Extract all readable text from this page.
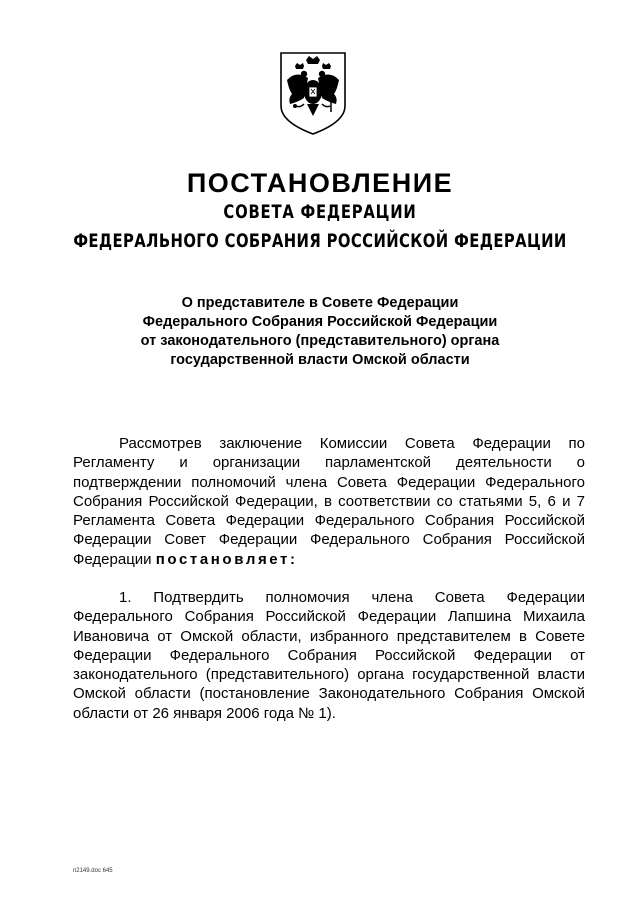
ПОСТАНОВЛЕНИЕ
СОВЕТА ФЕДЕРАЦИИ
ФЕДЕРАЛЬНОГО СОБРАНИЯ РОССИЙСКОЙ ФЕДЕРАЦИИ
О представителе в Совете Федерации
Федерального Собрания Российской Федерации
от законодательного (представительного) органа
государственной власти Омской области
Рассмотрев заключение Комиссии Совета Федерации по Регламенту и организации парламентской деятельности о подтверждении полномочий члена Совета Федерации Федерального Собрания Российской Федерации, в соответствии со статьями 5, 6 и 7 Регламента Совета Федерации Федерального Собрания Российской Федерации Совет Федерации Федерального Собрания Российской Федерации постановляет:
1. Подтвердить полномочия члена Совета Федерации Федерального Собрания Российской Федерации Лапшина Михаила Ивановича от Омской области, избранного представителем в Совете Федерации Федерального Собрания Российской Федерации от законодательного (представительного) органа государственной власти Омской области (постановление Законодательного Собрания Омской области от 26 января 2006 года № 1).
п2149.doc 645
